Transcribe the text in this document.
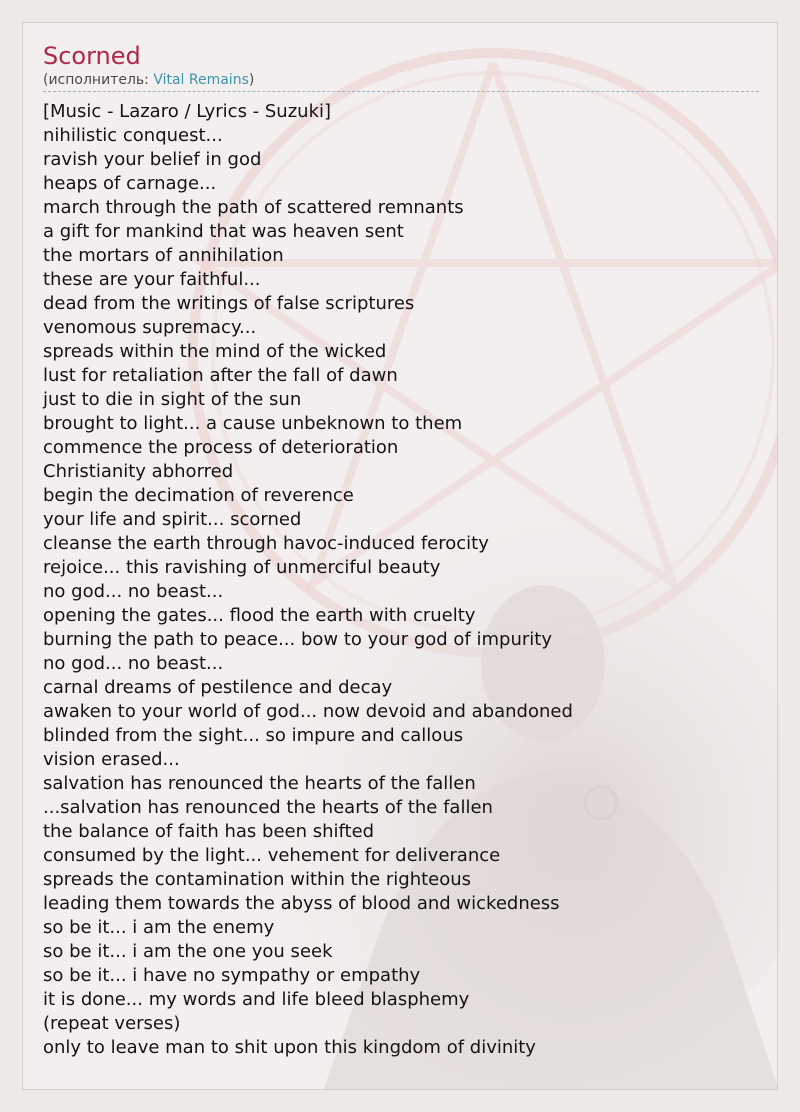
Scorned
(исполнитель: Vital Remains)
[Music - Lazaro / Lyrics - Suzuki]
nihilistic conquest...
ravish your belief in god
heaps of carnage...
march through the path of scattered remnants
a gift for mankind that was heaven sent
the mortars of annihilation
these are your faithful...
dead from the writings of false scriptures
venomous supremacy...
spreads within the mind of the wicked
lust for retaliation after the fall of dawn
just to die in sight of the sun
brought to light... a cause unbeknown to them
commence the process of deterioration
Christianity abhorred
begin the decimation of reverence
your life and spirit... scorned
cleanse the earth through havoc-induced ferocity
rejoice... this ravishing of unmerciful beauty
no god... no beast...
opening the gates... flood the earth with cruelty
burning the path to peace... bow to your god of impurity
no god... no beast...
carnal dreams of pestilence and decay
awaken to your world of god... now devoid and abandoned
blinded from the sight... so impure and callous
vision erased...
salvation has renounced the hearts of the fallen
...salvation has renounced the hearts of the fallen
the balance of faith has been shifted
consumed by the light... vehement for deliverance
spreads the contamination within the righteous
leading them towards the abyss of blood and wickedness
so be it... i am the enemy
so be it... i am the one you seek
so be it... i have no sympathy or empathy
it is done... my words and life bleed blasphemy
(repeat verses)
only to leave man to shit upon this kingdom of divinity
